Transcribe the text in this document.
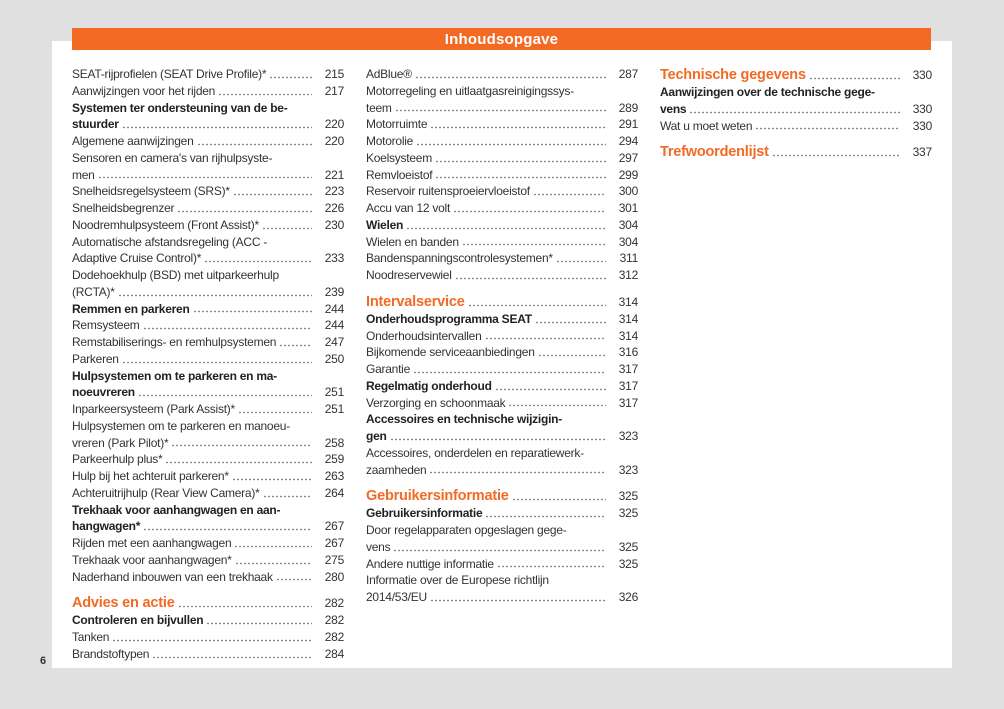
Inhoudsopgave
SEAT-rijprofielen (SEAT Drive Profile)*	215
Aanwijzingen voor het rijden	217
Systemen ter ondersteuning van de be-
stuurder	220
Algemene aanwijzingen	220
Sensoren en camera's van rijhulpsyste-
men	221
Snelheidsregelsysteem (SRS)*	223
Snelheidsbegrenzer	226
Noodremhulpsysteem (Front Assist)*	230
Automatische afstandsregeling (ACC -
Adaptive Cruise Control)*	233
Dodehoekhulp (BSD) met uitparkeerhulp
(RCTA)*	239
Remmen en parkeren	244
Remsysteem	244
Remstabiliserings- en remhulpsystemen	247
Parkeren	250
Hulpsystemen om te parkeren en ma-
noeuvreren	251
Inparkeersysteem (Park Assist)*	251
Hulpsystemen om te parkeren en manoeu-
vreren (Park Pilot)*	258
Parkeerhulp plus*	259
Hulp bij het achteruit parkeren*	263
Achteruitrijhulp (Rear View Camera)*	264
Trekhaak voor aanhangwagen en aan-
hangwagen*	267
Rijden met een aanhangwagen	267
Trekhaak voor aanhangwagen*	275
Naderhand inbouwen van een trekhaak	280
Advies en actie	282
Controleren en bijvullen	282
Tanken	282
Brandstoftypen	284
AdBlue®	287
Motorregeling en uitlaatgasreinigingssys-
teem	289
Motorruimte	291
Motorolie	294
Koelsysteem	297
Remvloeistof	299
Reservoir ruitensproeiervloeistof	300
Accu van 12 volt	301
Wielen	304
Wielen en banden	304
Bandenspanningscontrolesystemen*	311
Noodreservewiel	312
Intervalservice	314
Onderhoudsprogramma SEAT	314
Onderhoudsintervallen	314
Bijkomende serviceaanbiedingen	316
Garantie	317
Regelmatig onderhoud	317
Verzorging en schoonmaak	317
Accessoires en technische wijzigin-
gen	323
Accessoires, onderdelen en reparatiewerk-
zaamheden	323
Gebruikersinformatie	325
Gebruikersinformatie	325
Door regelapparaten opgeslagen gege-
vens	325
Andere nuttige informatie	325
Informatie over de Europese richtlijn
2014/53/EU	326
Technische gegevens	330
Aanwijzingen over de technische gege-
vens	330
Wat u moet weten	330
Trefwoordenlijst	337
6
